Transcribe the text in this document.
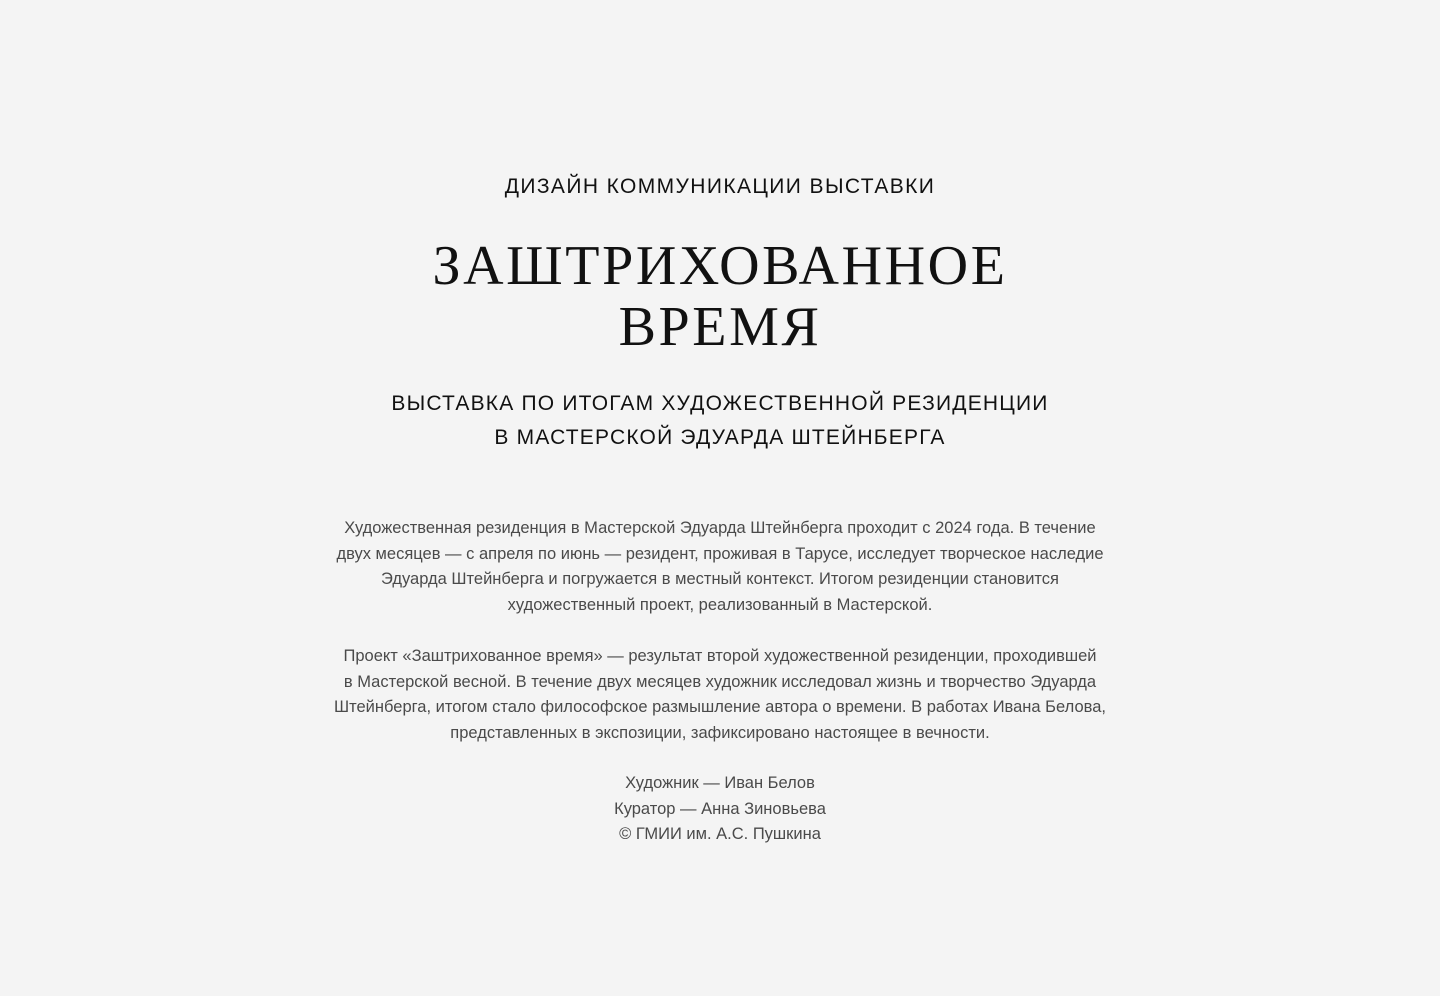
ДИЗАЙН КОММУНИКАЦИИ ВЫСТАВКИ
ЗАШТРИХОВАННОЕ
ВРЕМЯ
ВЫСТАВКА ПО ИТОГАМ ХУДОЖЕСТВЕННОЙ РЕЗИДЕНЦИИ
В МАСТЕРСКОЙ ЭДУАРДА ШТЕЙНБЕРГА
Художественная резиденция в Мастерской Эдуарда Штейнберга проходит с 2024 года. В течение
двух месяцев — с апреля по июнь — резидент, проживая в Тарусе, исследует творческое наследие
Эдуарда Штейнберга и погружается в местный контекст. Итогом резиденции становится
художественный проект, реализованный в Мастерской.
Проект «Заштрихованное время» — результат второй художественной резиденции, проходившей
в Мастерской весной. В течение двух месяцев художник исследовал жизнь и творчество Эдуарда
Штейнберга, итогом стало философское размышление автора о времени. В работах Ивана Белова,
представленных в экспозиции, зафиксировано настоящее в вечности.
Художник — Иван Белов
Куратор — Анна Зиновьева
© ГМИИ им. А.С. Пушкина
